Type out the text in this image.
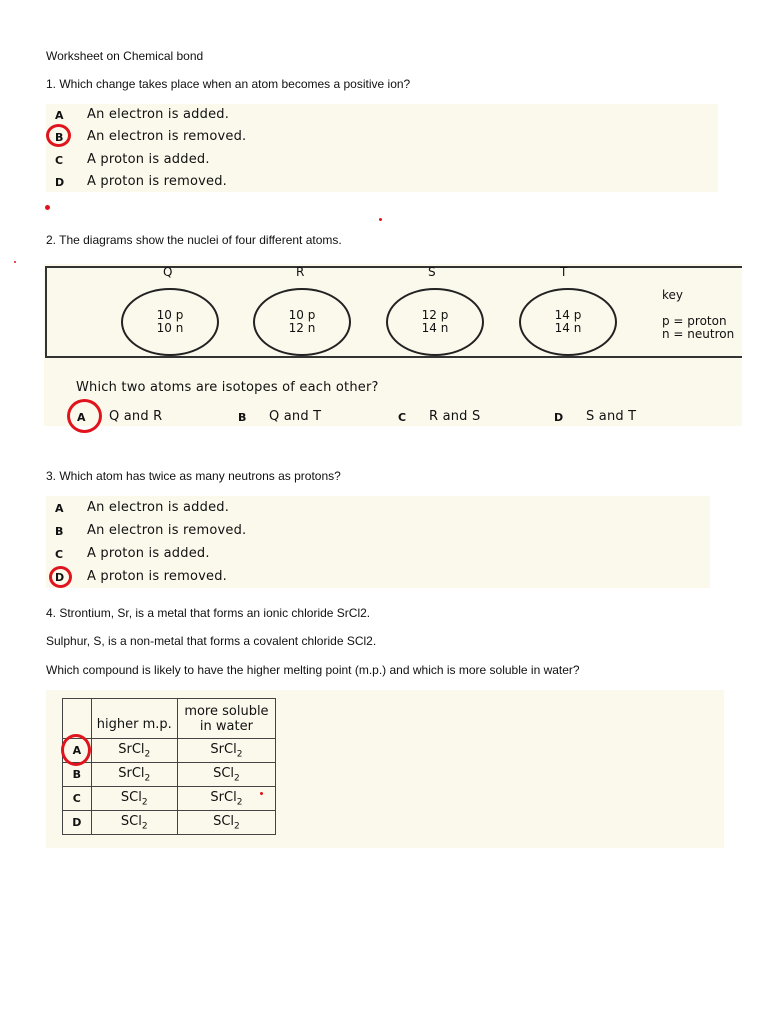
Worksheet on Chemical bond
1. Which change takes place when an atom becomes a positive ion?
A An electron is added.
B An electron is removed.
C A proton is added.
D A proton is removed.
2. The diagrams show the nuclei of four different atoms.
Q	R	S	T
10 p
10 n
10 p
12 n
12 p
14 n
14 p
14 n
key
p = proton
n = neutron
Which two atoms are isotopes of each other?
A Q and R	B Q and T	C R and S	D S and T
3. Which atom has twice as many neutrons as protons?
A An electron is added.
B An electron is removed.
C A proton is added.
D A proton is removed.
4. Strontium, Sr, is a metal that forms an ionic chloride SrCl2.
Sulphur, S, is a non-metal that forms a covalent chloride SCl2.
Which compound is likely to have the higher melting point (m.p.) and which is more soluble in water?
	higher m.p.	more soluble
in water

A	SrCl$_2$	SrCl$_2$
B	SrCl$_2$	SCl$_2$
C	SCl$_2$	SrCl$_2$
D	SCl$_2$	SCl$_2$
